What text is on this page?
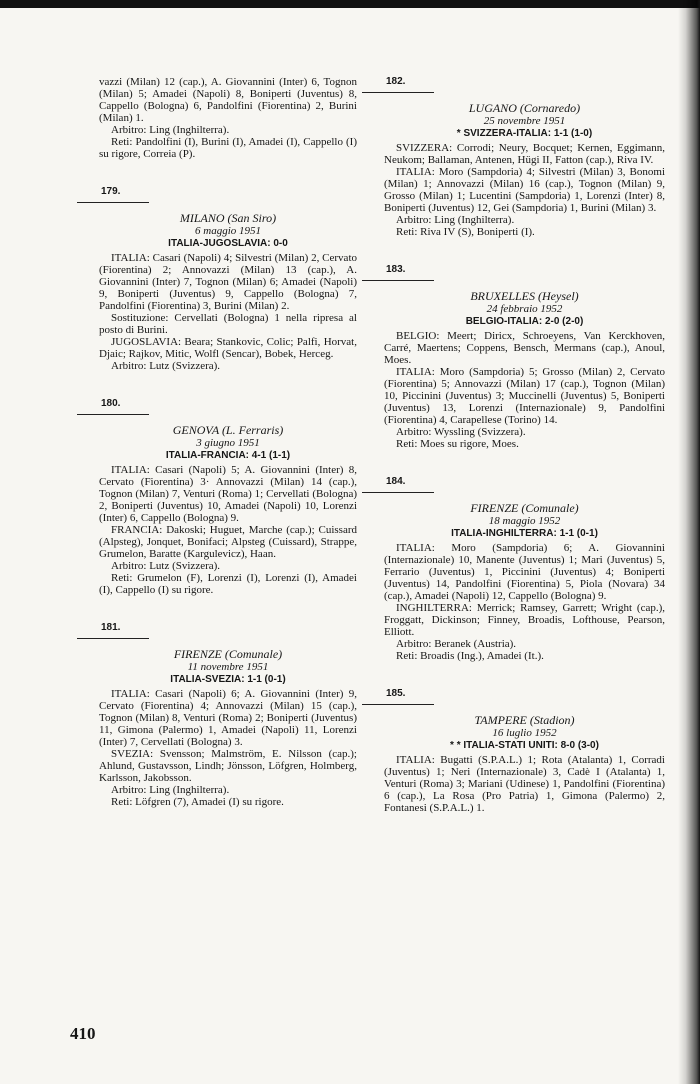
vazzi (Milan) 12 (cap.), A. Giovannini (Inter) 6, Tognon (Milan) 5; Amadei (Napoli) 8, Boniperti (Juventus) 8, Cappello (Bologna) 6, Pandolfini (Fiorentina) 2, Burini (Milan) 1.

Arbitro: Ling (Inghilterra).

Reti: Pandolfini (I), Burini (I), Amadei (I), Cappello (I) su rigore, Correia (P).

179.
MILANO (San Siro)
6 maggio 1951
ITALIA-JUGOSLAVIA: 0-0

ITALIA: Casari (Napoli) 4; Silvestri (Milan) 2, Cervato (Fiorentina) 2; Annovazzi (Milan) 13 (cap.), A. Giovannini (Inter) 7, Tognon (Milan) 6; Amadei (Napoli) 9, Boniperti (Juventus) 9, Cappello (Bologna) 7, Pandolfini (Fiorentina) 3, Burini (Milan) 2.

Sostituzione: Cervellati (Bologna) 1 nella ripresa al posto di Burini.

JUGOSLAVIA: Beara; Stankovic, Colic; Palfi, Horvat, Djaic; Rajkov, Mitic, Wolfl (Sencar), Bobek, Herceg.

Arbitro: Lutz (Svizzera).

180.
GENOVA (L. Ferraris)
3 giugno 1951
ITALIA-FRANCIA: 4-1 (1-1)

ITALIA: Casari (Napoli) 5; A. Giovannini (Inter) 8, Cervato (Fiorentina) 3· Annovazzi (Milan) 14 (cap.), Tognon (Milan) 7, Venturi (Roma) 1; Cervellati (Bologna) 2, Boniperti (Juventus) 10, Amadei (Napoli) 10, Lorenzi (Inter) 6, Cappello (Bologna) 9.

FRANCIA: Dakoski; Huguet, Marche (cap.); Cuissard (Alpsteg), Jonquet, Bonifaci; Alpsteg (Cuissard), Strappe, Grumelon, Baratte (Kargulevicz), Haan.

Arbitro: Lutz (Svizzera).

Reti: Grumelon (F), Lorenzi (I), Lorenzi (I), Amadei (I), Cappello (I) su rigore.

181.
FIRENZE (Comunale)
11 novembre 1951
ITALIA-SVEZIA: 1-1 (0-1)

ITALIA: Casari (Napoli) 6; A. Giovannini (Inter) 9, Cervato (Fiorentina) 4; Annovazzi (Milan) 15 (cap.), Tognon (Milan) 8, Venturi (Roma) 2; Boniperti (Juventus) 11, Gimona (Palermo) 1, Amadei (Napoli) 11, Lorenzi (Inter) 7, Cervellati (Bologna) 3.

SVEZIA: Svensson; Malmström, E. Nilsson (cap.); Ahlund, Gustavsson, Lindh; Jönsson, Löfgren, Holmberg, Karlsson, Jakobsson.

Arbitro: Ling (Inghilterra).

Reti: Löfgren (7), Amadei (I) su rigore.

182.
LUGANO (Cornaredo)
25 novembre 1951
* SVIZZERA-ITALIA: 1-1 (1-0)

SVIZZERA: Corrodi; Neury, Bocquet; Kernen, Eggimann, Neukom; Ballaman, Antenen, Hügi II, Fatton (cap.), Riva IV.

ITALIA: Moro (Sampdoria) 4; Silvestri (Milan) 3, Bonomi (Milan) 1; Annovazzi (Milan) 16 (cap.), Tognon (Milan) 9, Grosso (Milan) 1; Lucentini (Sampdoria) 1, Lorenzi (Inter) 8, Boniperti (Juventus) 12, Gei (Sampdoria) 1, Burini (Milan) 3.

Arbitro: Ling (Inghilterra).

Reti: Riva IV (S), Boniperti (I).

183.
BRUXELLES (Heysel)
24 febbraio 1952
BELGIO-ITALIA: 2-0 (2-0)

BELGIO: Meert; Diricx, Schroeyens, Van Kerckhoven, Carré, Maertens; Coppens, Bensch, Mermans (cap.), Anoul, Moes.

ITALIA: Moro (Sampdoria) 5; Grosso (Milan) 2, Cervato (Fiorentina) 5; Annovazzi (Milan) 17 (cap.), Tognon (Milan) 10, Piccinini (Juventus) 3; Muccinelli (Juventus) 5, Boniperti (Juventus) 13, Lorenzi (Internazionale) 9, Pandolfini (Fiorentina) 4, Carapellese (Torino) 14.

Arbitro: Wyssling (Svizzera).

Reti: Moes su rigore, Moes.

184.
FIRENZE (Comunale)
18 maggio 1952
ITALIA-INGHILTERRA: 1-1 (0-1)

ITALIA: Moro (Sampdoria) 6; A. Giovannini (Internazionale) 10, Manente (Juventus) 1; Mari (Juventus) 5, Ferrario (Juventus) 1, Piccinini (Juventus) 4; Boniperti (Juventus) 14, Pandolfini (Fiorentina) 5, Piola (Novara) 34 (cap.), Amadei (Napoli) 12, Cappello (Bologna) 9.

INGHILTERRA: Merrick; Ramsey, Garrett; Wright (cap.), Froggatt, Dickinson; Finney, Broadis, Lofthouse, Pearson, Elliott.

Arbitro: Beranek (Austria).

Reti: Broadis (Ing.), Amadei (It.).

185.
TAMPERE (Stadion)
16 luglio 1952
* * ITALIA-STATI UNITI: 8-0 (3-0)

ITALIA: Bugatti (S.P.A.L.) 1; Rota (Atalanta) 1, Corradi (Juventus) 1; Neri (Internazionale) 3, Cadè I (Atalanta) 1, Venturi (Roma) 3; Mariani (Udinese) 1, Pandolfini (Fiorentina) 6 (cap.), La Rosa (Pro Patria) 1, Gimona (Palermo) 2, Fontanesi (S.P.A.L.) 1.

410
